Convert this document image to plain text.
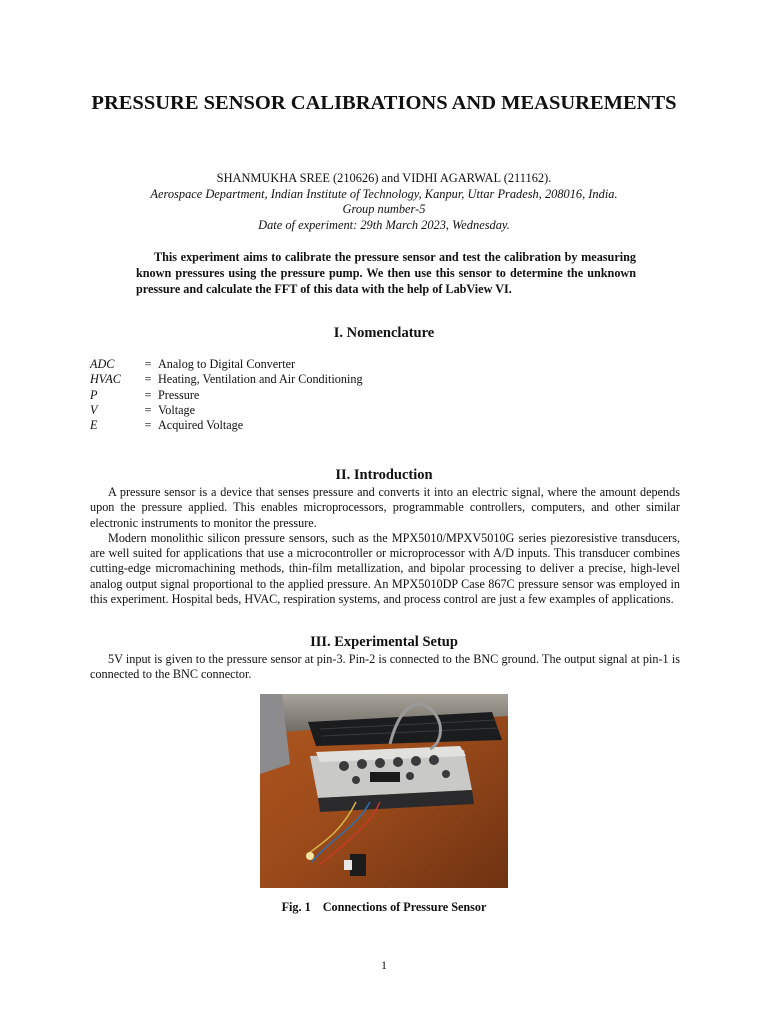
PRESSURE SENSOR CALIBRATIONS AND MEASUREMENTS
SHANMUKHA SREE (210626) and VIDHI AGARWAL (211162).
Aerospace Department, Indian Institute of Technology, Kanpur, Uttar Pradesh, 208016, India.
Group number-5
Date of experiment: 29th March 2023, Wednesday.

This experiment aims to calibrate the pressure sensor and test the calibration by measuring known pressures using the pressure pump. We then use this sensor to determine the unknown pressure and calculate the FFT of this data with the help of LabView VI.

I. Nomenclature
ADC	= Analog to Digital Converter
HVAC	= Heating, Ventilation and Air Conditioning
P	= Pressure
V	= Voltage
E	= Acquired Voltage
II. Introduction

A pressure sensor is a device that senses pressure and converts it into an electric signal, where the amount depends upon the pressure applied. This enables microprocessors, programmable controllers, computers, and other similar electronic instruments to monitor the pressure.

Modern monolithic silicon pressure sensors, such as the MPX5010/MPXV5010G series piezoresistive transducers, are well suited for applications that use a microcontroller or microprocessor with A/D inputs. This transducer combines cutting-edge micromachining methods, thin-film metallization, and bipolar processing to deliver a precise, high-level analog output signal proportional to the applied pressure. An MPX5010DP Case 867C pressure sensor was employed in this experiment. Hospital beds, HVAC, respiration systems, and process control are just a few examples of applications.

III. Experimental Setup

5V input is given to the pressure sensor at pin-3. Pin-2 is connected to the BNC ground. The output signal at pin-1 is connected to the BNC connector.

Fig. 1 Connections of Pressure Sensor
1
